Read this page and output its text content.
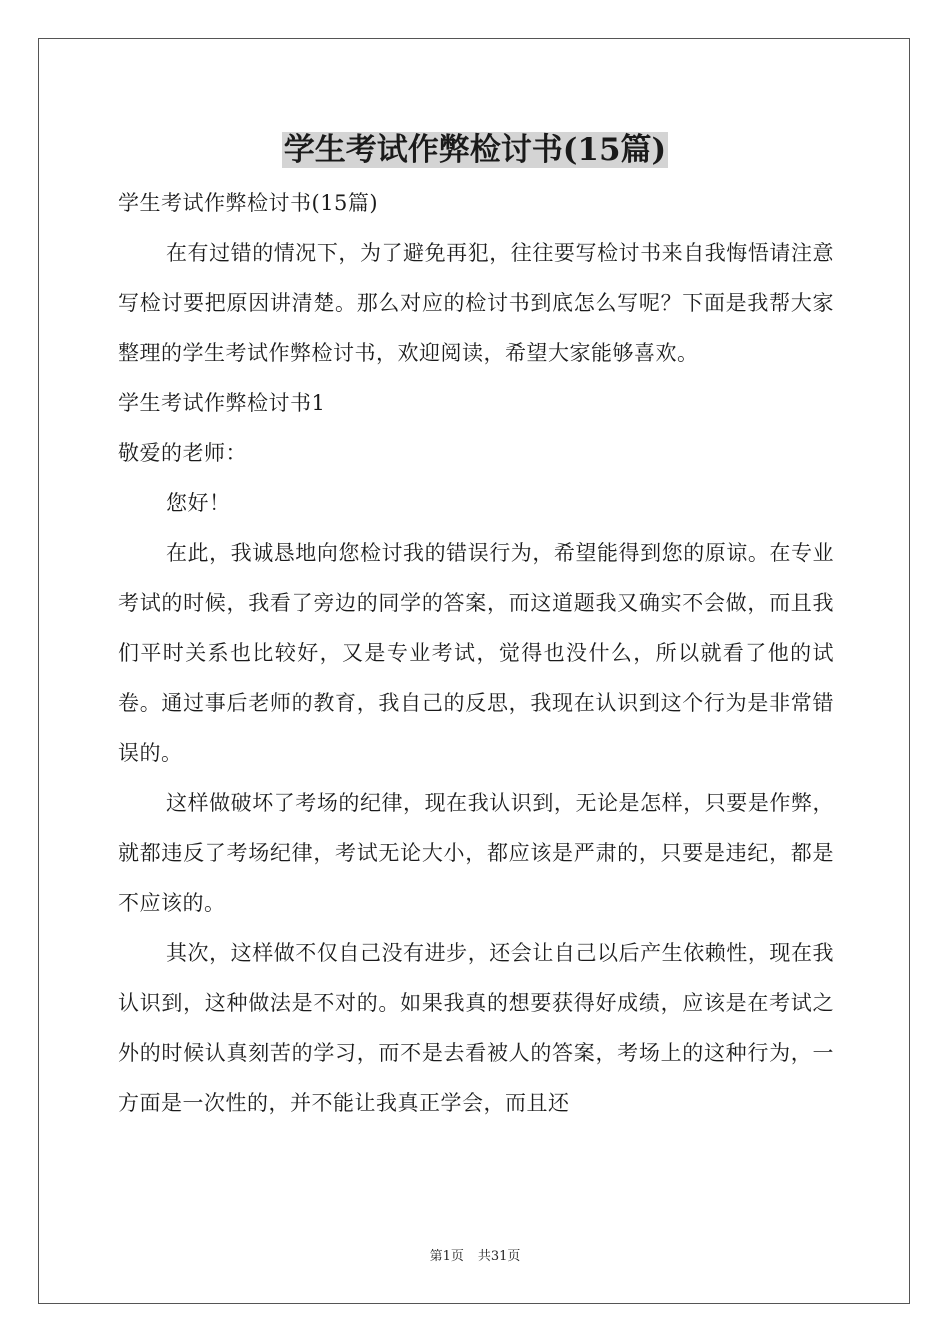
学生考试作弊检讨书(15篇)

学生考试作弊检讨书(15篇)

在有过错的情况下，为了避免再犯，往往要写检讨书来自我悔悟请注意写检讨要把原因讲清楚。那么对应的检讨书到底怎么写呢？下面是我帮大家整理的学生考试作弊检讨书，欢迎阅读，希望大家能够喜欢。

学生考试作弊检讨书1

敬爱的老师：

您好！

在此，我诚恳地向您检讨我的错误行为，希望能得到您的原谅。在专业考试的时候，我看了旁边的同学的答案，而这道题我又确实不会做，而且我们平时关系也比较好，又是专业考试，觉得也没什么，所以就看了他的试卷。通过事后老师的教育，我自己的反思，我现在认识到这个行为是非常错误的。

这样做破坏了考场的纪律，现在我认识到，无论是怎样，只要是作弊，就都违反了考场纪律，考试无论大小，都应该是严肃的，只要是违纪，都是不应该的。

其次，这样做不仅自己没有进步，还会让自己以后产生依赖性，现在我认识到，这种做法是不对的。如果我真的想要获得好成绩，应该是在考试之外的时候认真刻苦的学习，而不是去看被人的答案，考场上的这种行为，一方面是一次性的，并不能让我真正学会，而且还

第1页 共31页
